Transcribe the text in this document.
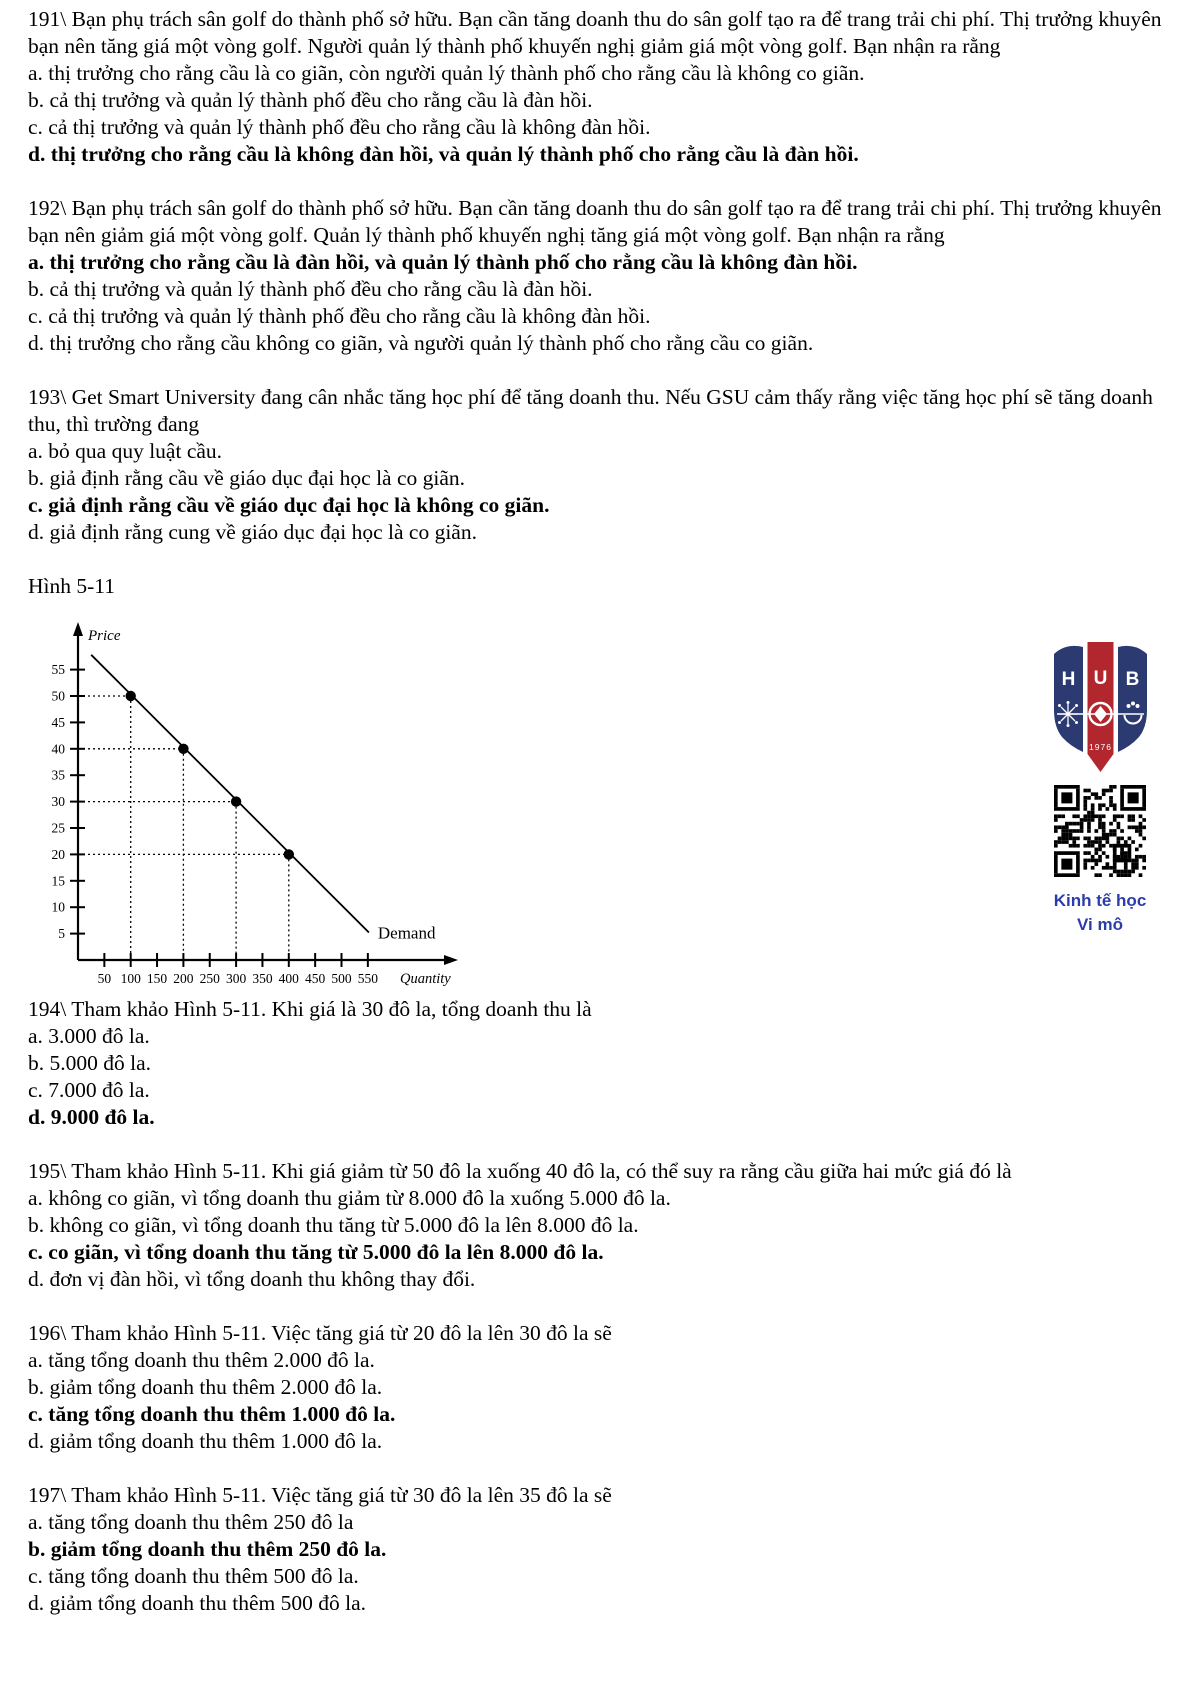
191\ Bạn phụ trách sân golf do thành phố sở hữu. Bạn cần tăng doanh thu do sân golf tạo ra để trang trải chi phí. Thị trưởng khuyên bạn nên tăng giá một vòng golf. Người quản lý thành phố khuyến nghị giảm giá một vòng golf. Bạn nhận ra rằng

a. thị trưởng cho rằng cầu là co giãn, còn người quản lý thành phố cho rằng cầu là không co giãn.

b. cả thị trưởng và quản lý thành phố đều cho rằng cầu là đàn hồi.

c. cả thị trưởng và quản lý thành phố đều cho rằng cầu là không đàn hồi.

d. thị trưởng cho rằng cầu là không đàn hồi, và quản lý thành phố cho rằng cầu là đàn hồi.

192\ Bạn phụ trách sân golf do thành phố sở hữu. Bạn cần tăng doanh thu do sân golf tạo ra để trang trải chi phí. Thị trưởng khuyên bạn nên giảm giá một vòng golf. Quản lý thành phố khuyến nghị tăng giá một vòng golf. Bạn nhận ra rằng

a. thị trưởng cho rằng cầu là đàn hồi, và quản lý thành phố cho rằng cầu là không đàn hồi.

b. cả thị trưởng và quản lý thành phố đều cho rằng cầu là đàn hồi.

c. cả thị trưởng và quản lý thành phố đều cho rằng cầu là không đàn hồi.

d. thị trưởng cho rằng cầu không co giãn, và người quản lý thành phố cho rằng cầu co giãn.

193\ Get Smart University đang cân nhắc tăng học phí để tăng doanh thu. Nếu GSU cảm thấy rằng việc tăng học phí sẽ tăng doanh thu, thì trường đang

a. bỏ qua quy luật cầu.

b. giả định rằng cầu về giáo dục đại học là co giãn.

c. giả định rằng cầu về giáo dục đại học là không co giãn.

d. giả định rằng cung về giáo dục đại học là co giãn.

Hình 5-11

Price
Quantity
5
10
15
20
25
30
35
40
45
50
55
50 100 150 200 250 300 350 400 450 500 550
Demand
H U B
1976
Kinh tế học
Vi mô

194\ Tham khảo Hình 5-11. Khi giá là 30 đô la, tổng doanh thu là

a. 3.000 đô la.

b. 5.000 đô la.

c. 7.000 đô la.

d. 9.000 đô la.

195\ Tham khảo Hình 5-11. Khi giá giảm từ 50 đô la xuống 40 đô la, có thể suy ra rằng cầu giữa hai mức giá đó là

a. không co giãn, vì tổng doanh thu giảm từ 8.000 đô la xuống 5.000 đô la.

b. không co giãn, vì tổng doanh thu tăng từ 5.000 đô la lên 8.000 đô la.

c. co giãn, vì tổng doanh thu tăng từ 5.000 đô la lên 8.000 đô la.

d. đơn vị đàn hồi, vì tổng doanh thu không thay đổi.

196\ Tham khảo Hình 5-11. Việc tăng giá từ 20 đô la lên 30 đô la sẽ

a. tăng tổng doanh thu thêm 2.000 đô la.

b. giảm tổng doanh thu thêm 2.000 đô la.

c. tăng tổng doanh thu thêm 1.000 đô la.

d. giảm tổng doanh thu thêm 1.000 đô la.

197\ Tham khảo Hình 5-11. Việc tăng giá từ 30 đô la lên 35 đô la sẽ

a. tăng tổng doanh thu thêm 250 đô la

b. giảm tổng doanh thu thêm 250 đô la.

c. tăng tổng doanh thu thêm 500 đô la.

d. giảm tổng doanh thu thêm 500 đô la.
